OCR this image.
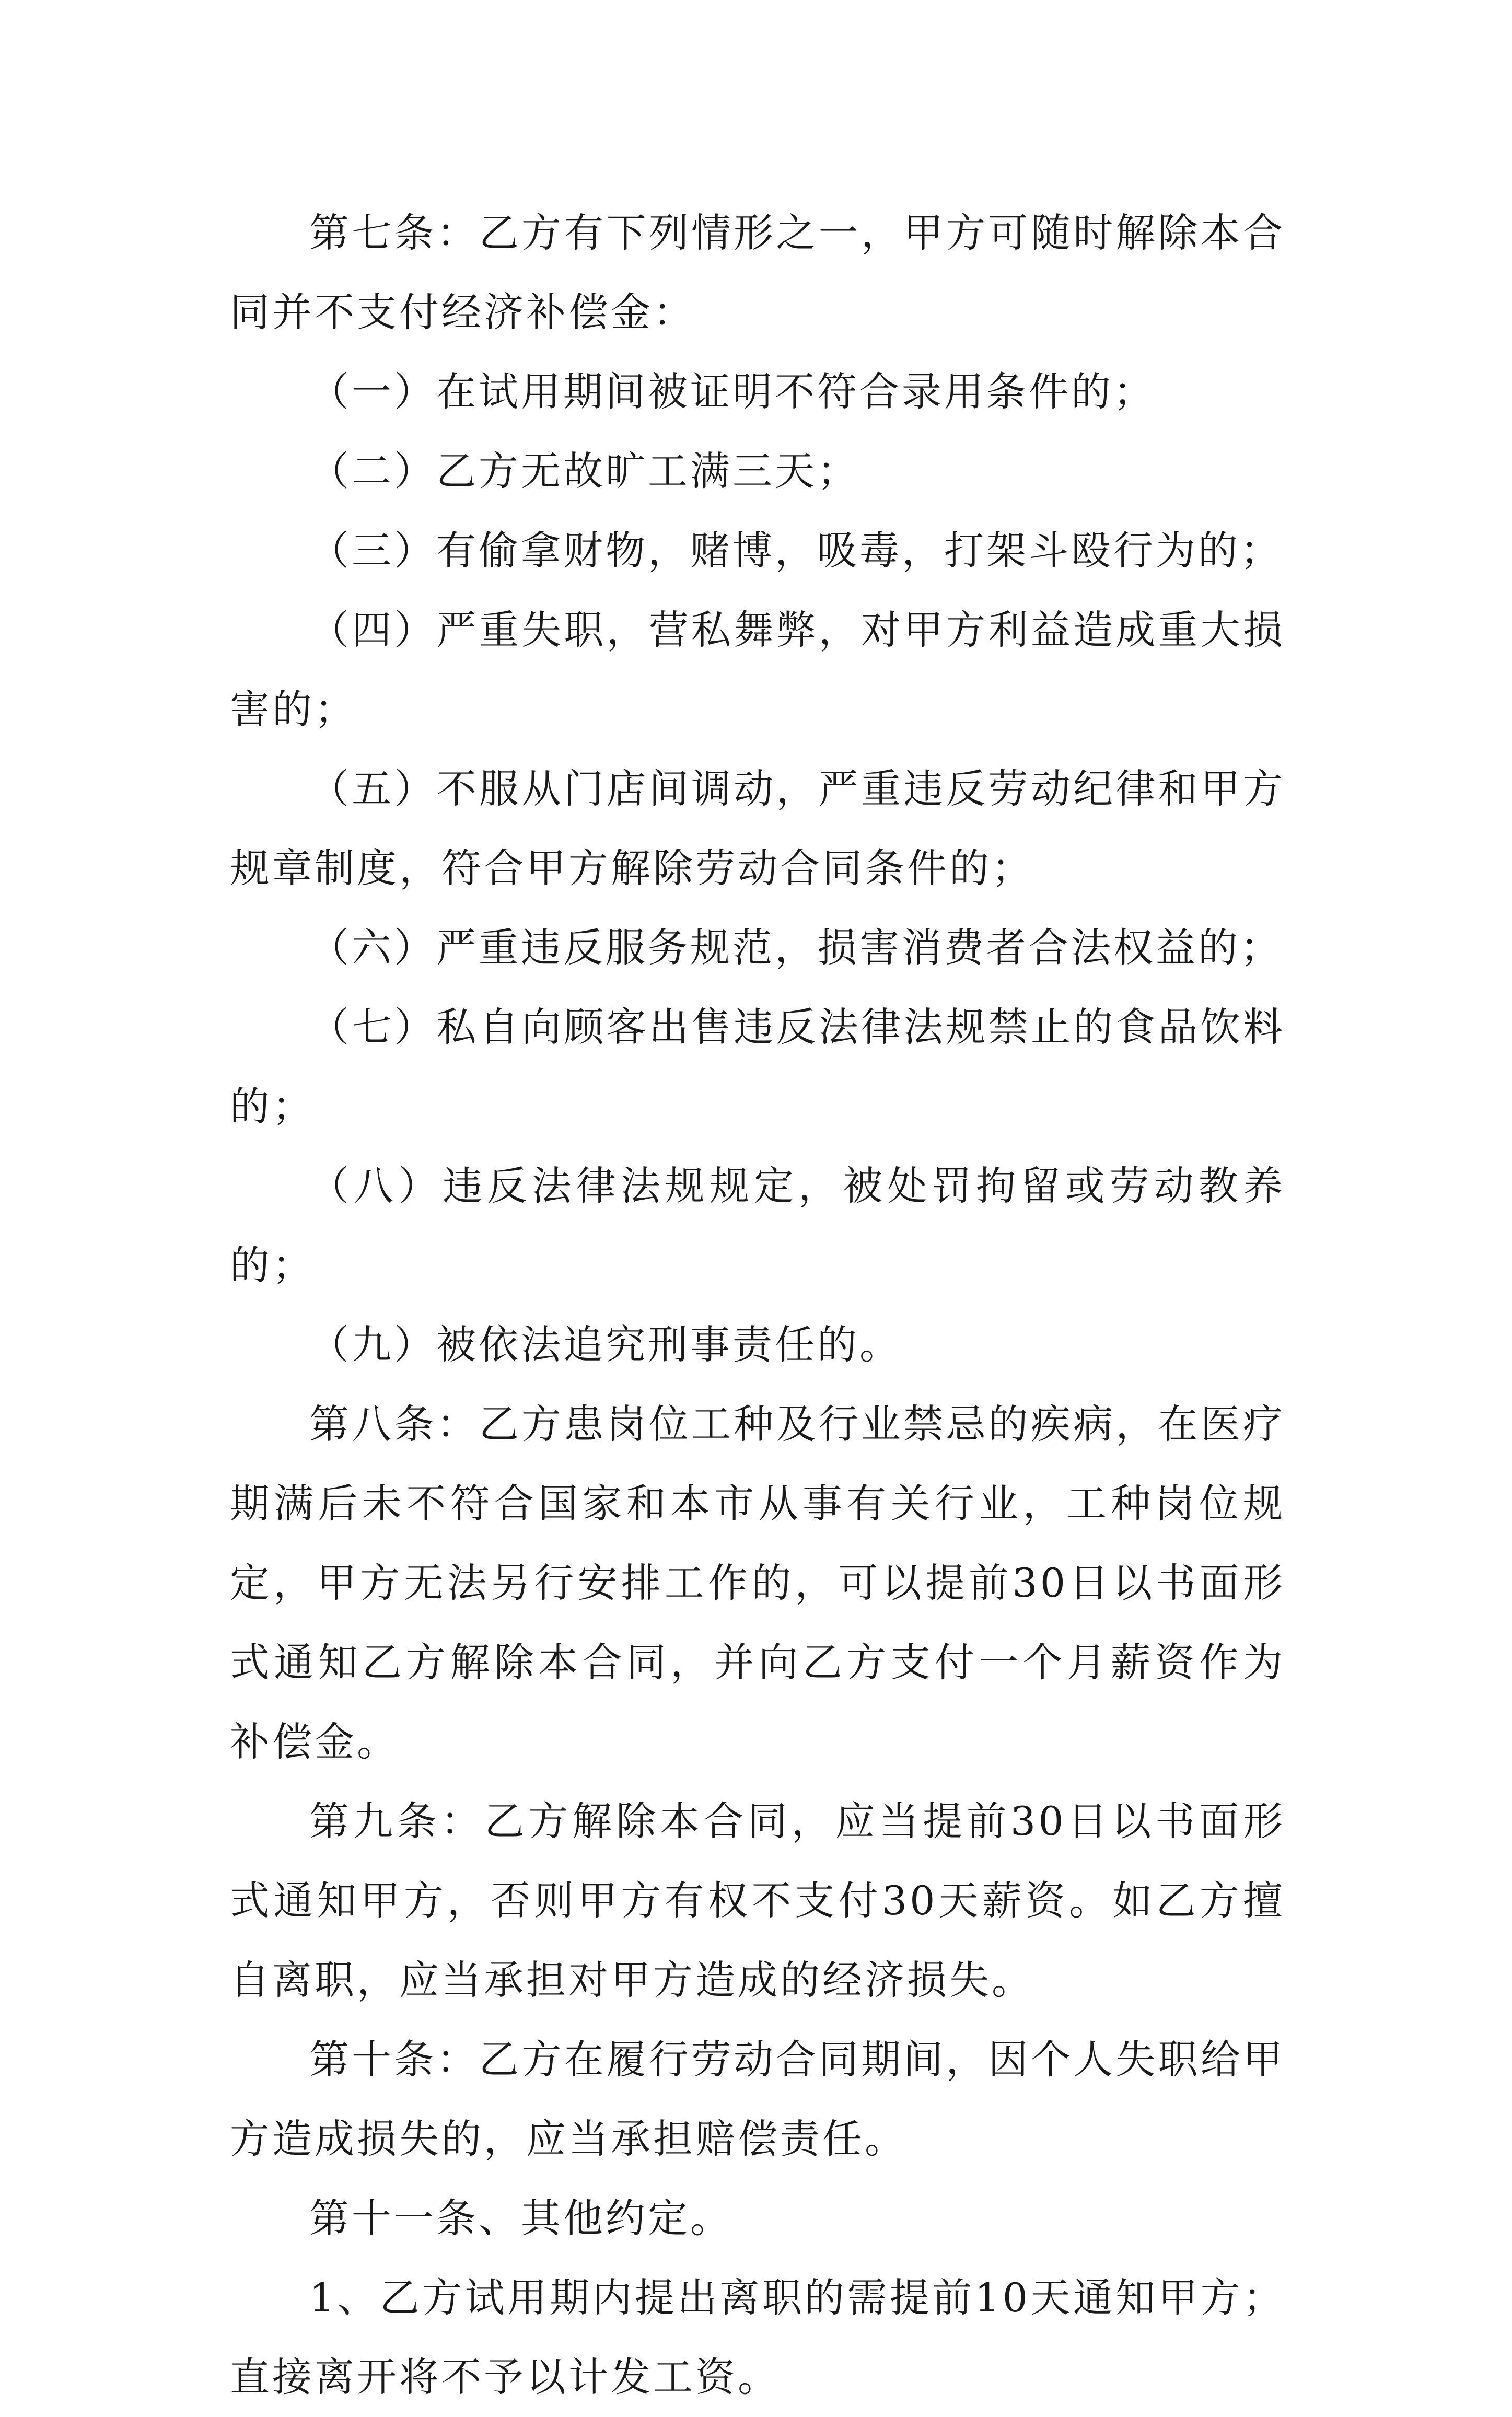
第七条：乙方有下列情形之一，甲方可随时解除本合同并不支付经济补偿金：

（一）在试用期间被证明不符合录用条件的；

（二）乙方无故旷工满三天；

（三）有偷拿财物，赌博，吸毒，打架斗殴行为的；

（四）严重失职，营私舞弊，对甲方利益造成重大损害的；

（五）不服从门店间调动，严重违反劳动纪律和甲方规章制度，符合甲方解除劳动合同条件的；

（六）严重违反服务规范，损害消费者合法权益的；

（七）私自向顾客出售违反法律法规禁止的食品饮料的；

（八）违反法律法规规定，被处罚拘留或劳动教养的；

（九）被依法追究刑事责任的。

第八条：乙方患岗位工种及行业禁忌的疾病，在医疗期满后未不符合国家和本市从事有关行业，工种岗位规定，甲方无法另行安排工作的，可以提前30日以书面形式通知乙方解除本合同，并向乙方支付一个月薪资作为补偿金。

第九条：乙方解除本合同，应当提前30日以书面形式通知甲方，否则甲方有权不支付30天薪资。如乙方擅自离职，应当承担对甲方造成的经济损失。

第十条：乙方在履行劳动合同期间，因个人失职给甲方造成损失的，应当承担赔偿责任。

第十一条、其他约定。

1、乙方试用期内提出离职的需提前10天通知甲方；直接离开将不予以计发工资。
